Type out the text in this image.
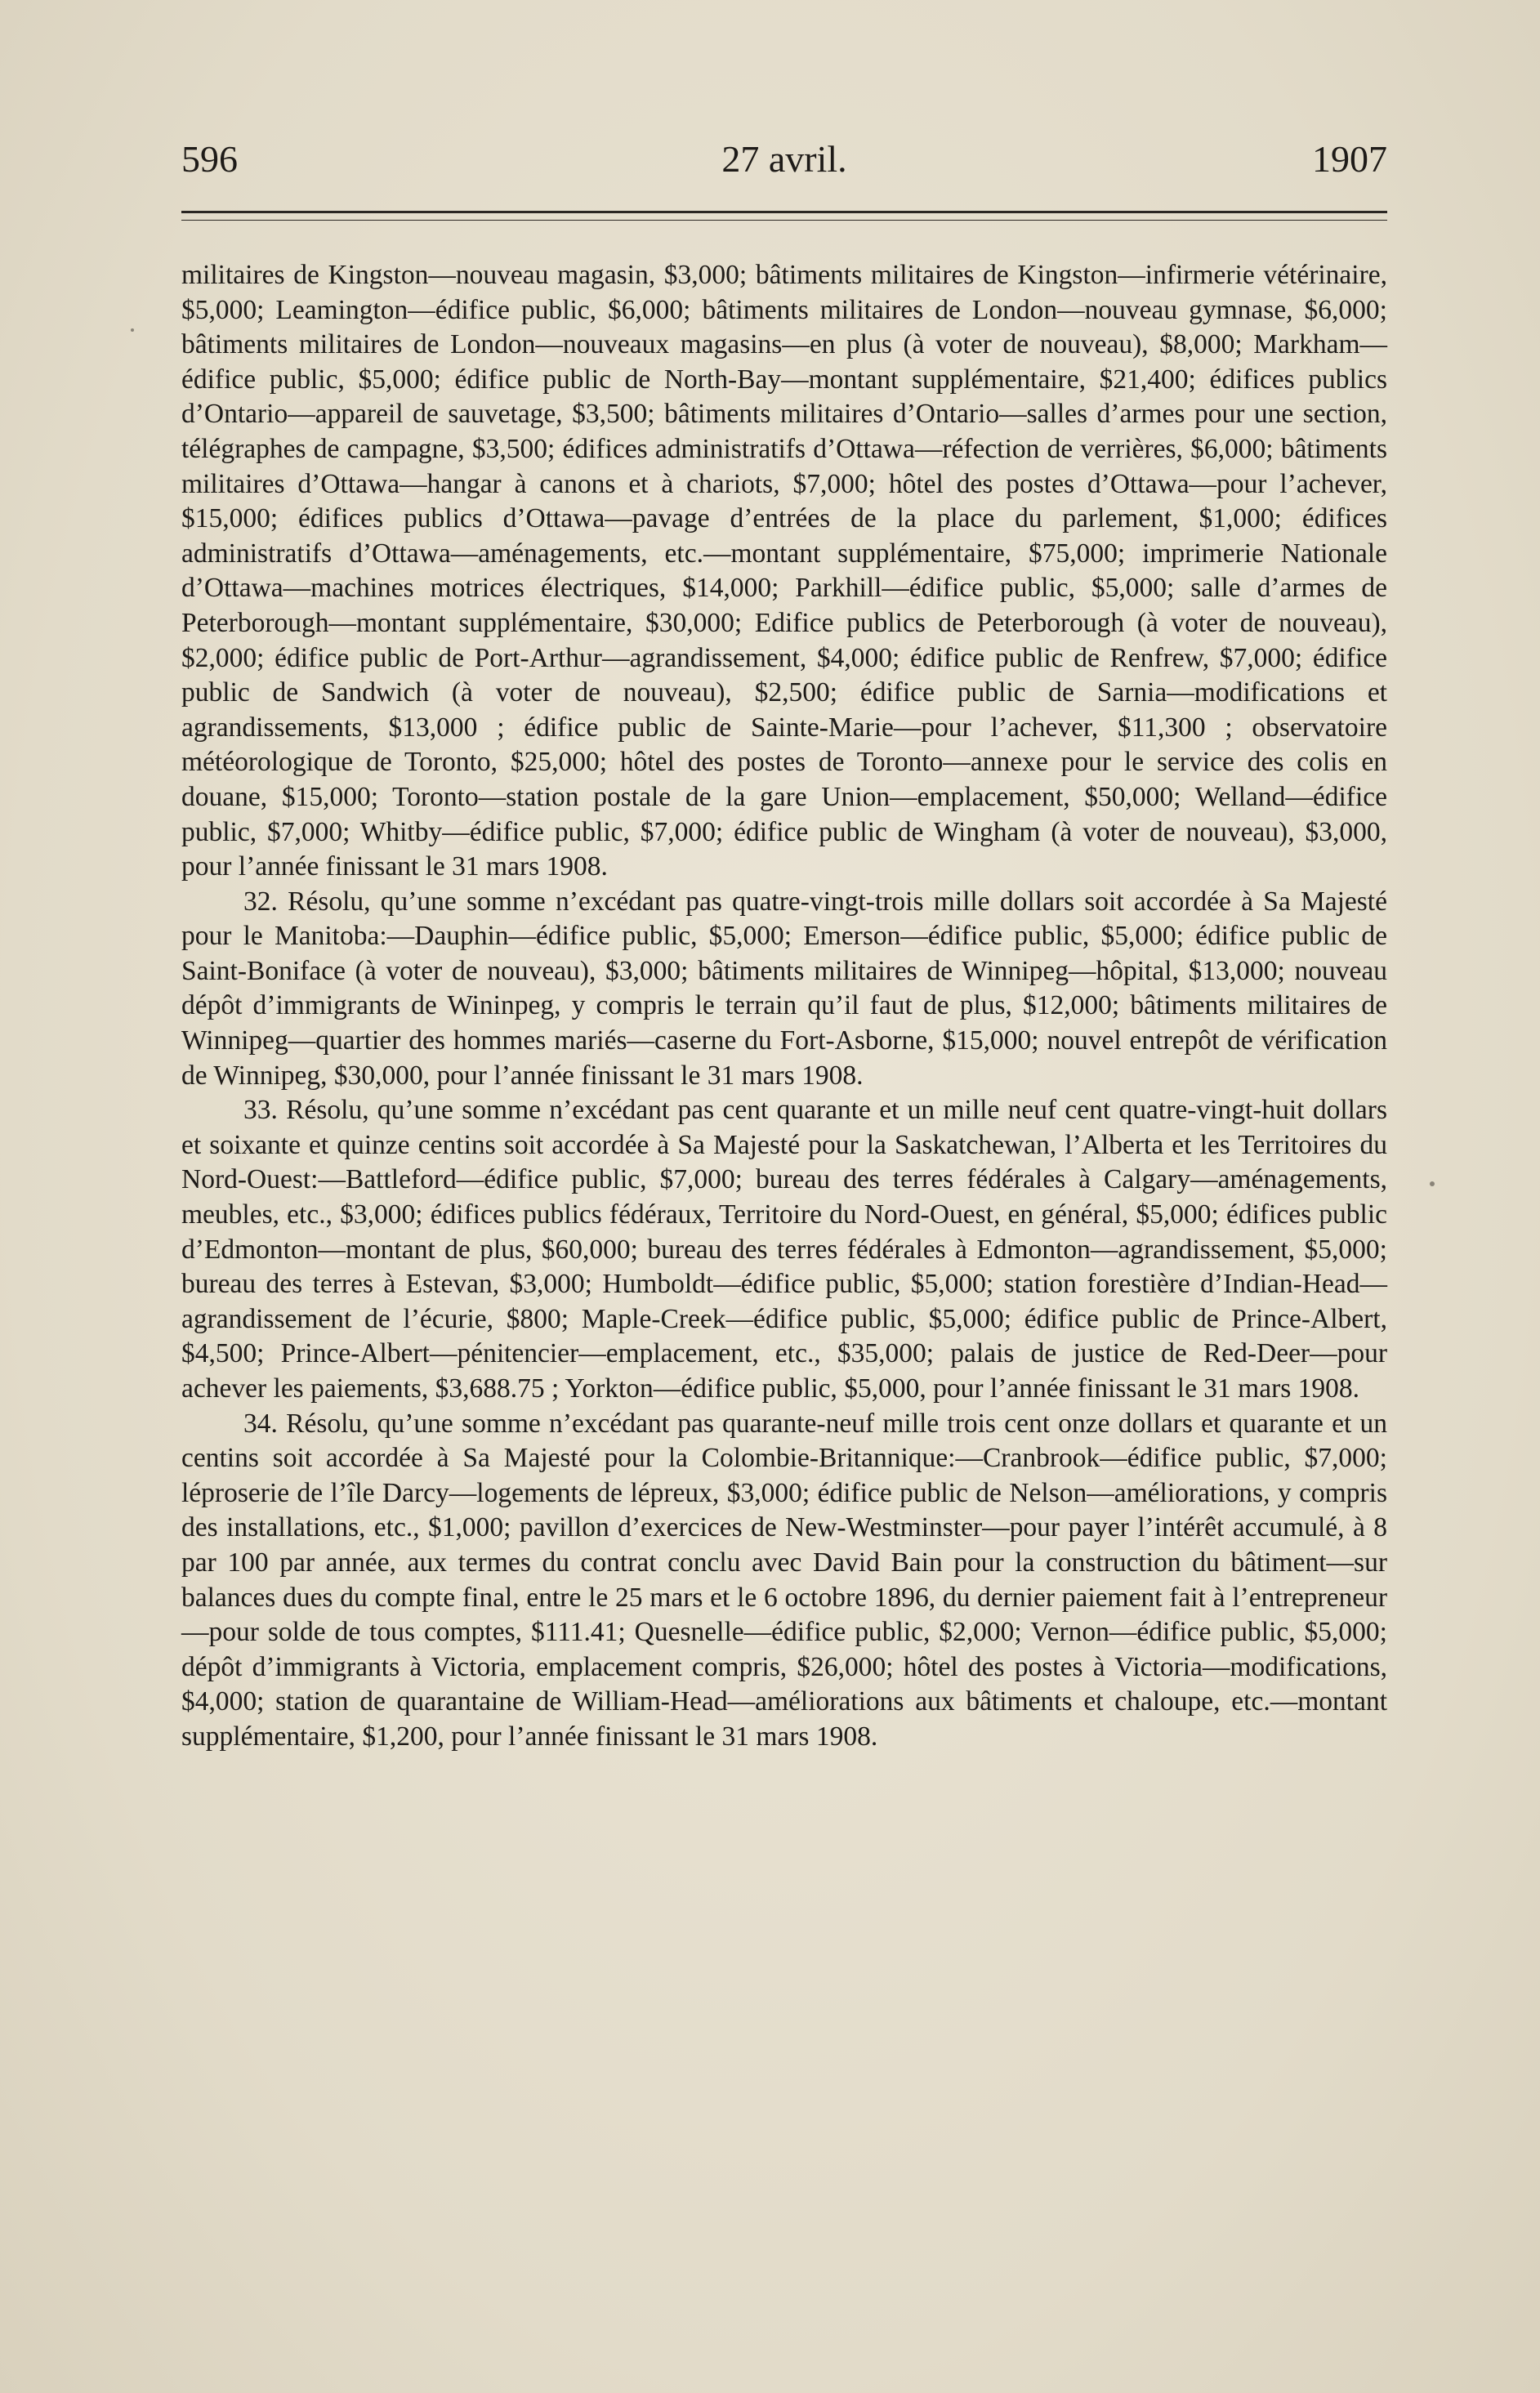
596	27 avril.	1907

militaires de Kingston—nouveau magasin, $3,000; bâtiments militaires de Kingston—infirmerie vétérinaire, $5,000; Leamington—édifice public, $6,000; bâtiments militaires de London—nouveau gymnase, $6,000; bâtiments militaires de London—nouveaux magasins—en plus (à voter de nouveau), $8,000; Markham—édifice public, $5,000; édifice public de North-Bay—montant supplémentaire, $21,400; édifices publics d’Ontario—appareil de sauvetage, $3,500; bâtiments militaires d’Ontario—salles d’armes pour une section, télégraphes de campagne, $3,500; édifices administratifs d’Ottawa—réfection de verrières, $6,000; bâtiments militaires d’Ottawa—hangar à canons et à chariots, $7,000; hôtel des postes d’Ottawa—pour l’achever, $15,000; édifices publics d’Ottawa—pavage d’entrées de la place du parlement, $1,000; édifices administratifs d’Ottawa—aménagements, etc.—montant supplémentaire, $75,000; imprimerie Nationale d’Ottawa—machines motrices électriques, $14,000; Parkhill—édifice public, $5,000; salle d’armes de Peterborough—montant supplémentaire, $30,000; Edifice publics de Peterborough (à voter de nouveau), $2,000; édifice public de Port-Arthur—agrandissement, $4,000; édifice public de Renfrew, $7,000; édifice public de Sandwich (à voter de nouveau), $2,500; édifice public de Sarnia—modifications et agrandissements, $13,000 ; édifice public de Sainte-Marie—pour l’achever, $11,300 ; observatoire météorologique de Toronto, $25,000; hôtel des postes de Toronto—annexe pour le service des colis en douane, $15,000; Toronto—station postale de la gare Union—emplacement, $50,000; Welland—édifice public, $7,000; Whitby—édifice public, $7,000; édifice public de Wingham (à voter de nouveau), $3,000, pour l’année finissant le 31 mars 1908.

32. Résolu, qu’une somme n’excédant pas quatre-vingt-trois mille dollars soit accordée à Sa Majesté pour le Manitoba:—Dauphin—édifice public, $5,000; Emerson—édifice public, $5,000; édifice public de Saint-Boniface (à voter de nouveau), $3,000; bâtiments militaires de Winnipeg—hôpital, $13,000; nouveau dépôt d’immigrants de Wininpeg, y compris le terrain qu’il faut de plus, $12,000; bâtiments militaires de Winnipeg—quartier des hommes mariés—caserne du Fort-Asborne, $15,000; nouvel entrepôt de vérification de Winnipeg, $30,000, pour l’année finissant le 31 mars 1908.

33. Résolu, qu’une somme n’excédant pas cent quarante et un mille neuf cent quatre-vingt-huit dollars et soixante et quinze centins soit accordée à Sa Majesté pour la Saskatchewan, l’Alberta et les Territoires du Nord-Ouest:—Battleford—édifice public, $7,000; bureau des terres fédérales à Calgary—aménagements, meubles, etc., $3,000; édifices publics fédéraux, Territoire du Nord-Ouest, en général, $5,000; édifices public d’Edmonton—montant de plus, $60,000; bureau des terres fédérales à Edmonton—agrandissement, $5,000; bureau des terres à Estevan, $3,000; Humboldt—édifice public, $5,000; station forestière d’Indian-Head—agrandissement de l’écurie, $800; Maple-Creek—édifice public, $5,000; édifice public de Prince-Albert, $4,500; Prince-Albert—pénitencier—emplacement, etc., $35,000; palais de justice de Red-Deer—pour achever les paiements, $3,688.75 ; Yorkton—édifice public, $5,000, pour l’année finissant le 31 mars 1908.

34. Résolu, qu’une somme n’excédant pas quarante-neuf mille trois cent onze dollars et quarante et un centins soit accordée à Sa Majesté pour la Colombie-Britannique:—Cranbrook—édifice public, $7,000; léproserie de l’île Darcy—logements de lépreux, $3,000; édifice public de Nelson—améliorations, y compris des installations, etc., $1,000; pavillon d’exercices de New-Westminster—pour payer l’intérêt accumulé, à 8 par 100 par année, aux termes du contrat conclu avec David Bain pour la construction du bâtiment—sur balances dues du compte final, entre le 25 mars et le 6 octobre 1896, du dernier paiement fait à l’entrepreneur—pour solde de tous comptes, $111.41; Quesnelle—édifice public, $2,000; Vernon—édifice public, $5,000; dépôt d’immigrants à Victoria, emplacement compris, $26,000; hôtel des postes à Victoria—modifications, $4,000; station de quarantaine de William-Head—améliorations aux bâtiments et chaloupe, etc.—montant supplémentaire, $1,200, pour l’année finissant le 31 mars 1908.
